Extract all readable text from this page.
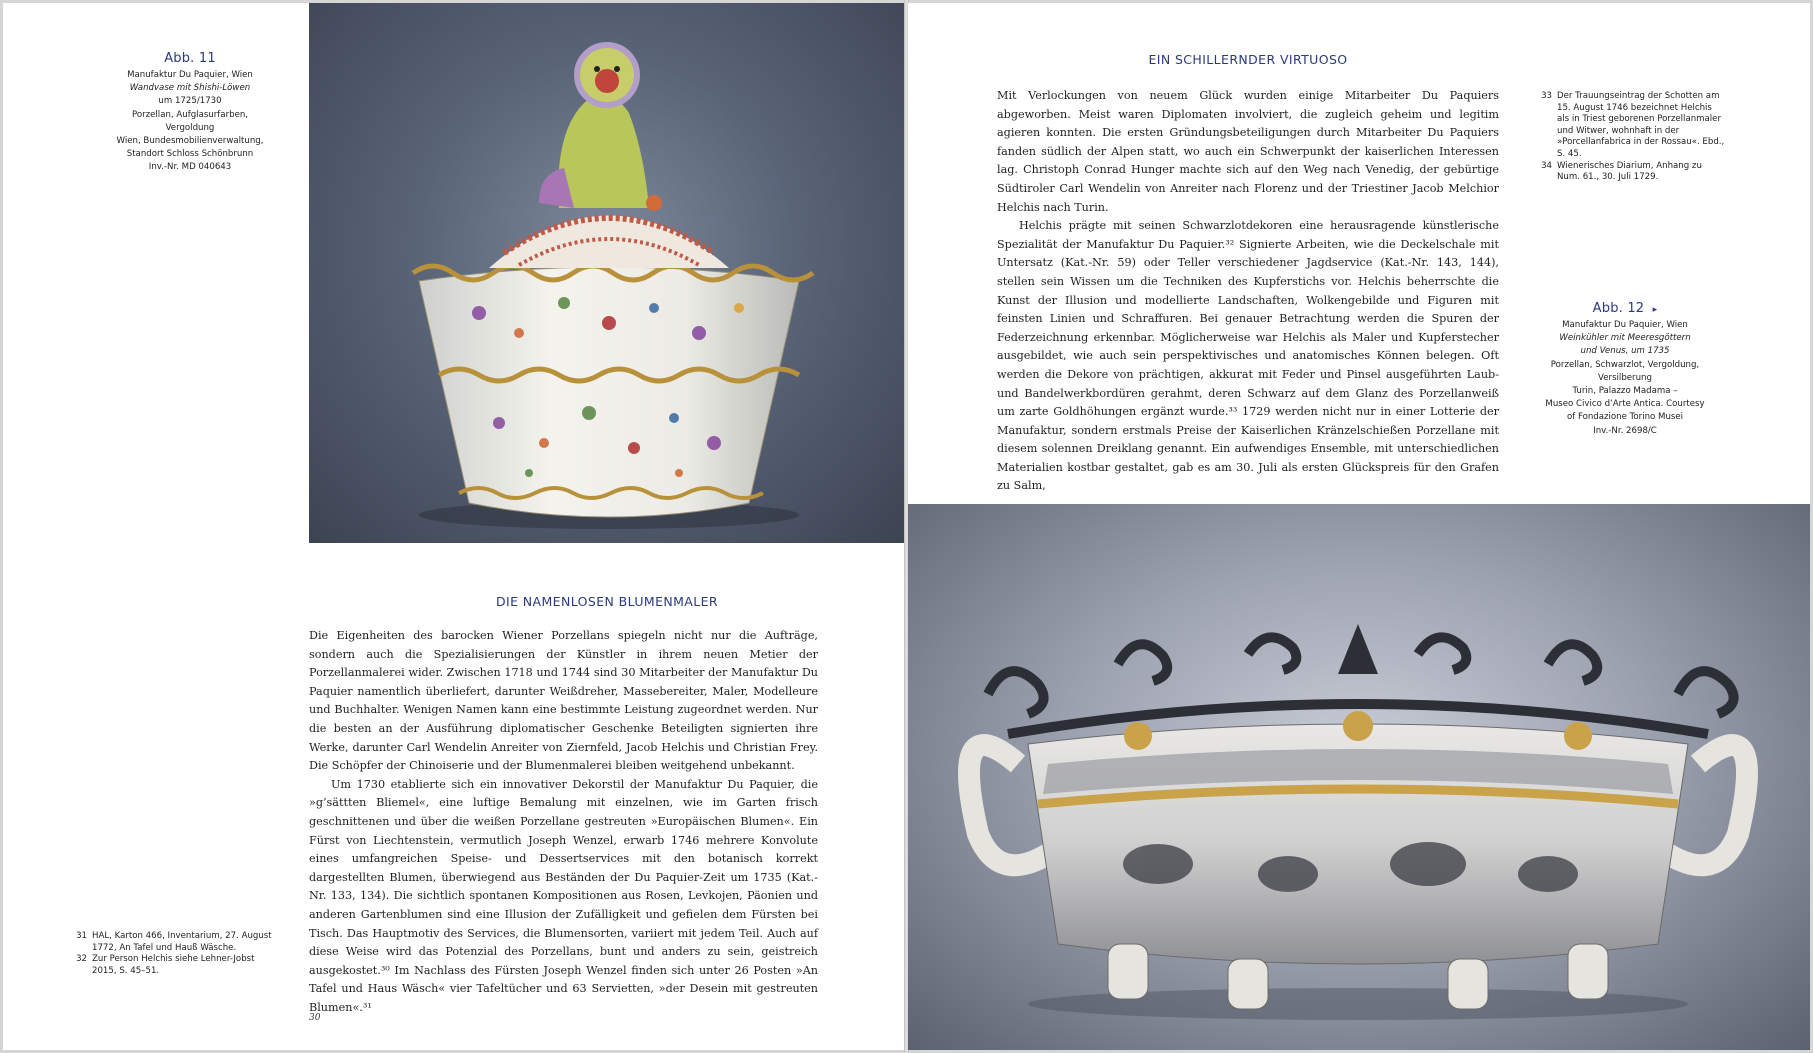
Abb. 11
Manufaktur Du Paquier, Wien
Wandvase mit Shishi-Löwen
um 1725/1730
Porzellan, Aufglasurfarben,
Vergoldung
Wien, Bundesmobilienverwaltung,
Standort Schloss Schönbrunn
Inv.-Nr. MD 040643
DIE NAMENLOSEN BLUMENMALER

Die Eigenheiten des barocken Wiener Porzellans spiegeln nicht nur die Aufträge, sondern auch die Spezialisierungen der Künstler in ihrem neuen Metier der Porzellanmalerei wider. Zwischen 1718 und 1744 sind 30 Mitarbeiter der Manufaktur Du Paquier namentlich überliefert, darunter Weißdreher, Massebereiter, Maler, Modelleure und Buchhalter. Wenigen Namen kann eine bestimmte Leistung zugeordnet werden. Nur die besten an der Ausführung diplomatischer Geschenke Beteiligten signierten ihre Werke, darunter Carl Wendelin Anreiter von Ziernfeld, Jacob Helchis und Christian Frey. Die Schöpfer der Chinoiserie und der Blumenmalerei bleiben weitgehend unbekannt.

Um 1730 etablierte sich ein innovativer Dekorstil der Manufaktur Du Paquier, die »g’sättten Bliemel«, eine luftige Bemalung mit einzelnen, wie im Garten frisch geschnittenen und über die weißen Porzellane gestreuten »Europäischen Blumen«. Ein Fürst von Liechtenstein, vermutlich Joseph Wenzel, erwarb 1746 mehrere Konvolute eines umfangreichen Speise- und Dessertservices mit den botanisch korrekt dargestellten Blumen, überwiegend aus Beständen der Du Paquier-Zeit um 1735 (Kat.-Nr. 133, 134). Die sichtlich spontanen Kompositionen aus Rosen, Levkojen, Päonien und anderen Gartenblumen sind eine Illusion der Zufälligkeit und gefielen dem Fürsten bei Tisch. Das Hauptmotiv des Services, die Blumensorten, variiert mit jedem Teil. Auch auf diese Weise wird das Potenzial des Porzellans, bunt und anders zu sein, geistreich ausgekostet.³⁰ Im Nachlass des Fürsten Joseph Wenzel finden sich unter 26 Posten »An Tafel und Haus Wäsch« vier Tafeltücher und 63 Servietten, »der Desein mit gestreuten Blumen«.³¹

31 HAL, Karton 466, Inventarium, 27. August 1772, An Tafel und Hauß Wäsche.
32 Zur Person Helchis siehe Lehner-Jobst 2015, S. 45–51.
30
EIN SCHILLERNDER VIRTUOSO

Mit Verlockungen von neuem Glück wurden einige Mitarbeiter Du Paquiers abgeworben. Meist waren Diplomaten involviert, die zugleich geheim und legitim agieren konnten. Die ersten Gründungsbeteiligungen durch Mitarbeiter Du Paquiers fanden südlich der Alpen statt, wo auch ein Schwerpunkt der kaiserlichen Interessen lag. Christoph Conrad Hunger machte sich auf den Weg nach Venedig, der gebürtige Südtiroler Carl Wendelin von Anreiter nach Florenz und der Triestiner Jacob Melchior Helchis nach Turin.

Helchis prägte mit seinen Schwarzlotdekoren eine herausragende künstlerische Spezialität der Manufaktur Du Paquier.³² Signierte Arbeiten, wie die Deckelschale mit Untersatz (Kat.-Nr. 59) oder Teller verschiedener Jagdservice (Kat.-Nr. 143, 144), stellen sein Wissen um die Techniken des Kupferstichs vor. Helchis beherrschte die Kunst der Illusion und modellierte Landschaften, Wolkengebilde und Figuren mit feinsten Linien und Schraffuren. Bei genauer Betrachtung werden die Spuren der Federzeichnung erkennbar. Möglicherweise war Helchis als Maler und Kupferstecher ausgebildet, wie auch sein perspektivisches und anatomisches Können belegen. Oft werden die Dekore von prächtigen, akkurat mit Feder und Pinsel ausgeführten Laub- und Bandelwerkbordüren gerahmt, deren Schwarz auf dem Glanz des Porzellanweiß um zarte Goldhöhungen ergänzt wurde.³³ 1729 werden nicht nur in einer Lotterie der Manufaktur, sondern erstmals Preise der Kaiserlichen Kränzelschießen Porzellane mit diesem solennen Dreiklang genannt. Ein aufwendiges Ensemble, mit unterschiedlichen Materialien kostbar gestaltet, gab es am 30. Juli als ersten Glückspreis für den Grafen zu Salm,

33 Der Trauungseintrag der Schotten am 15. August 1746 bezeichnet Helchis als in Triest geborenen Porzellanmaler und Witwer, wohnhaft in der »Porcellanfabrica in der Rossau«. Ebd., S. 45.
34 Wienerisches Diarium, Anhang zu Num. 61., 30. Juli 1729.
Abb. 12 ▸
Manufaktur Du Paquier, Wien
Weinkühler mit Meeresgöttern
und Venus, um 1735
Porzellan, Schwarzlot, Vergoldung,
Versilberung
Turin, Palazzo Madama –
Museo Civico d’Arte Antica. Courtesy
of Fondazione Torino Musei
Inv.-Nr. 2698/C
